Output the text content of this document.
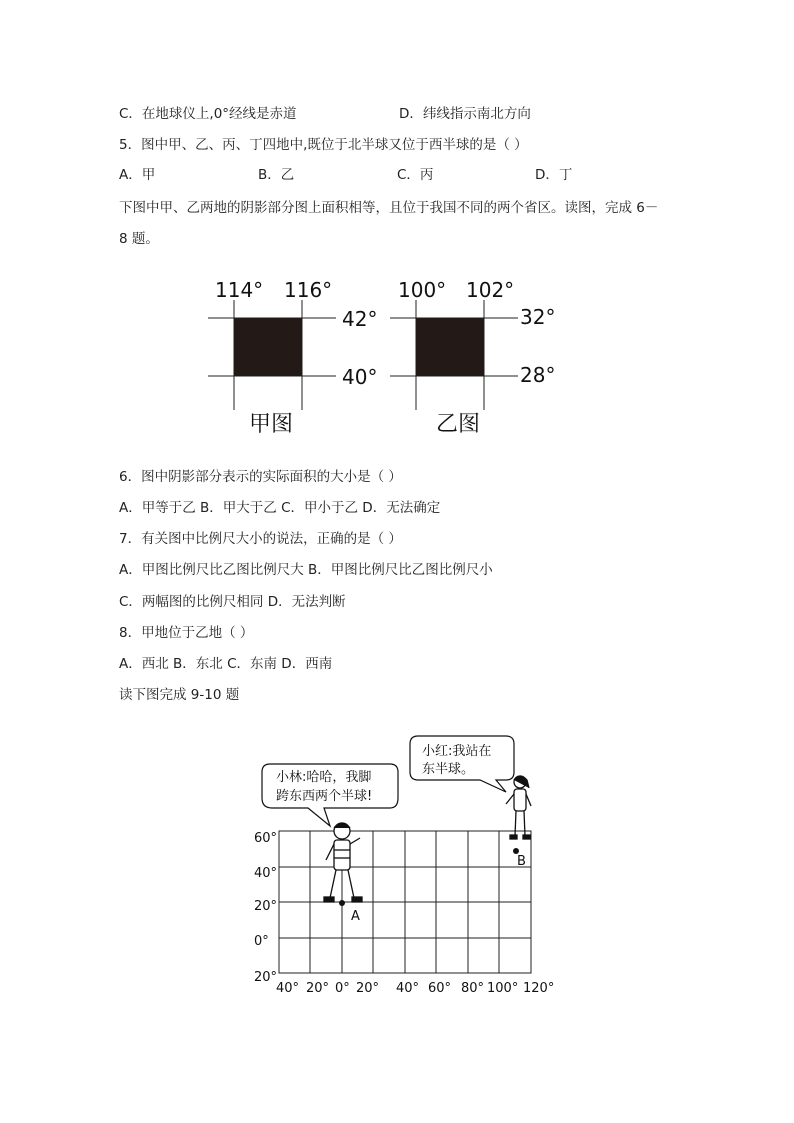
C．在地球仪上,0°经线是赤道	D．纬线指示南北方向
5．图中甲、乙、丙、丁四地中,既位于北半球又位于西半球的是（ ）
A．甲	B．乙	C．丙	D．丁
下图中甲、乙两地的阴影部分图上面积相等，且位于我国不同的两个省区。读图，完成 6－
8 题。
114° 116°
42°
40°
甲图
100° 102°
32°
28°
乙图
6．图中阴影部分表示的实际面积的大小是（ ）
A．甲等于乙 B．甲大于乙 C．甲小于乙 D．无法确定
7．有关图中比例尺大小的说法，正确的是（ ）
A．甲图比例尺比乙图比例尺大 B．甲图比例尺比乙图比例尺小
C．两幅图的比例尺相同 D．无法判断
8．甲地位于乙地（ ）
A．西北 B．东北 C．东南 D．西南
读下图完成 9-10 题
小林:哈哈，我脚
跨东西两个半球!
小红:我站在
东半球。
60°
40°
20°
0°
20°
40° 20° 0° 20° 40° 60° 80° 100° 120°
A
B
